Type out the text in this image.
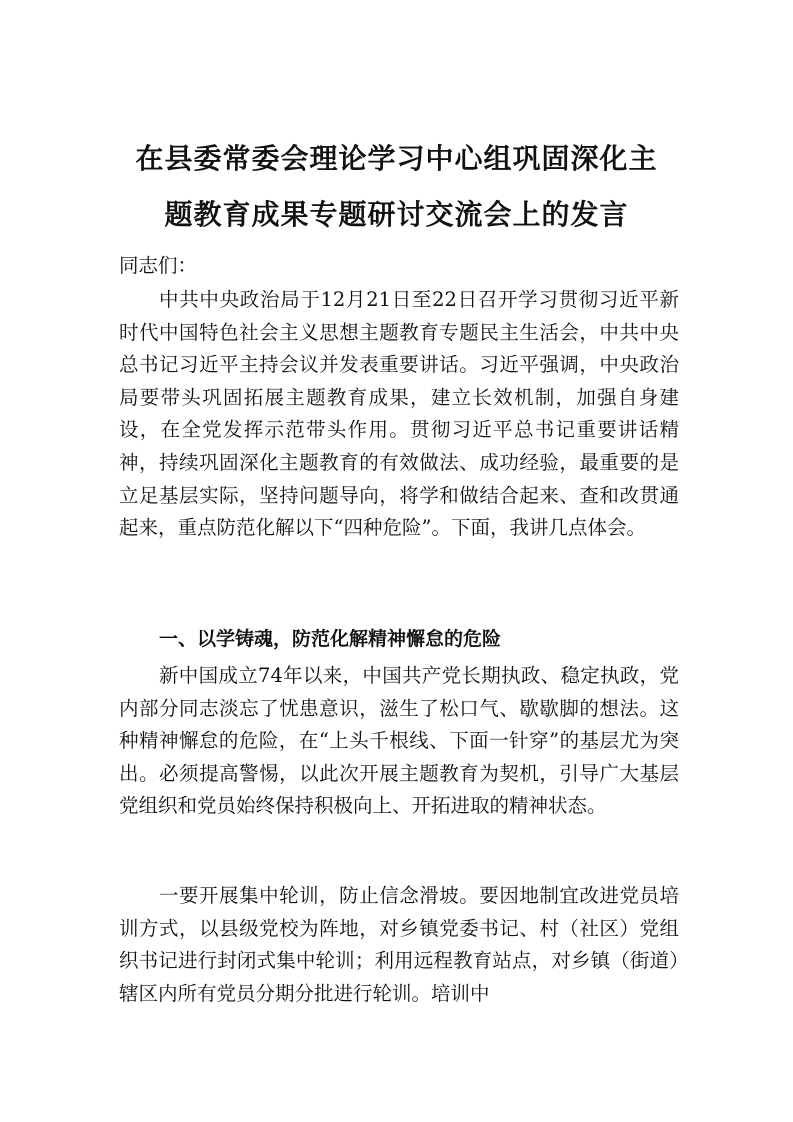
在县委常委会理论学习中心组巩固深化主
题教育成果专题研讨交流会上的发言
同志们：

中共中央政治局于12月21日至22日召开学习贯彻习近平新时代中国特色社会主义思想主题教育专题民主生活会，中共中央总书记习近平主持会议并发表重要讲话。习近平强调，中央政治局要带头巩固拓展主题教育成果，建立长效机制，加强自身建设，在全党发挥示范带头作用。贯彻习近平总书记重要讲话精神，持续巩固深化主题教育的有效做法、成功经验，最重要的是立足基层实际，坚持问题导向，将学和做结合起来、查和改贯通起来，重点防范化解以下“四种危险”。下面，我讲几点体会。

一、以学铸魂，防范化解精神懈怠的危险

新中国成立74年以来，中国共产党长期执政、稳定执政，党内部分同志淡忘了忧患意识，滋生了松口气、歇歇脚的想法。这种精神懈怠的危险，在“上头千根线、下面一针穿”的基层尤为突出。必须提高警惕，以此次开展主题教育为契机，引导广大基层党组织和党员始终保持积极向上、开拓进取的精神状态。

一要开展集中轮训，防止信念滑坡。要因地制宜改进党员培训方式，以县级党校为阵地，对乡镇党委书记、村（社区）党组织书记进行封闭式集中轮训；利用远程教育站点，对乡镇（街道）辖区内所有党员分期分批进行轮训。培训中
